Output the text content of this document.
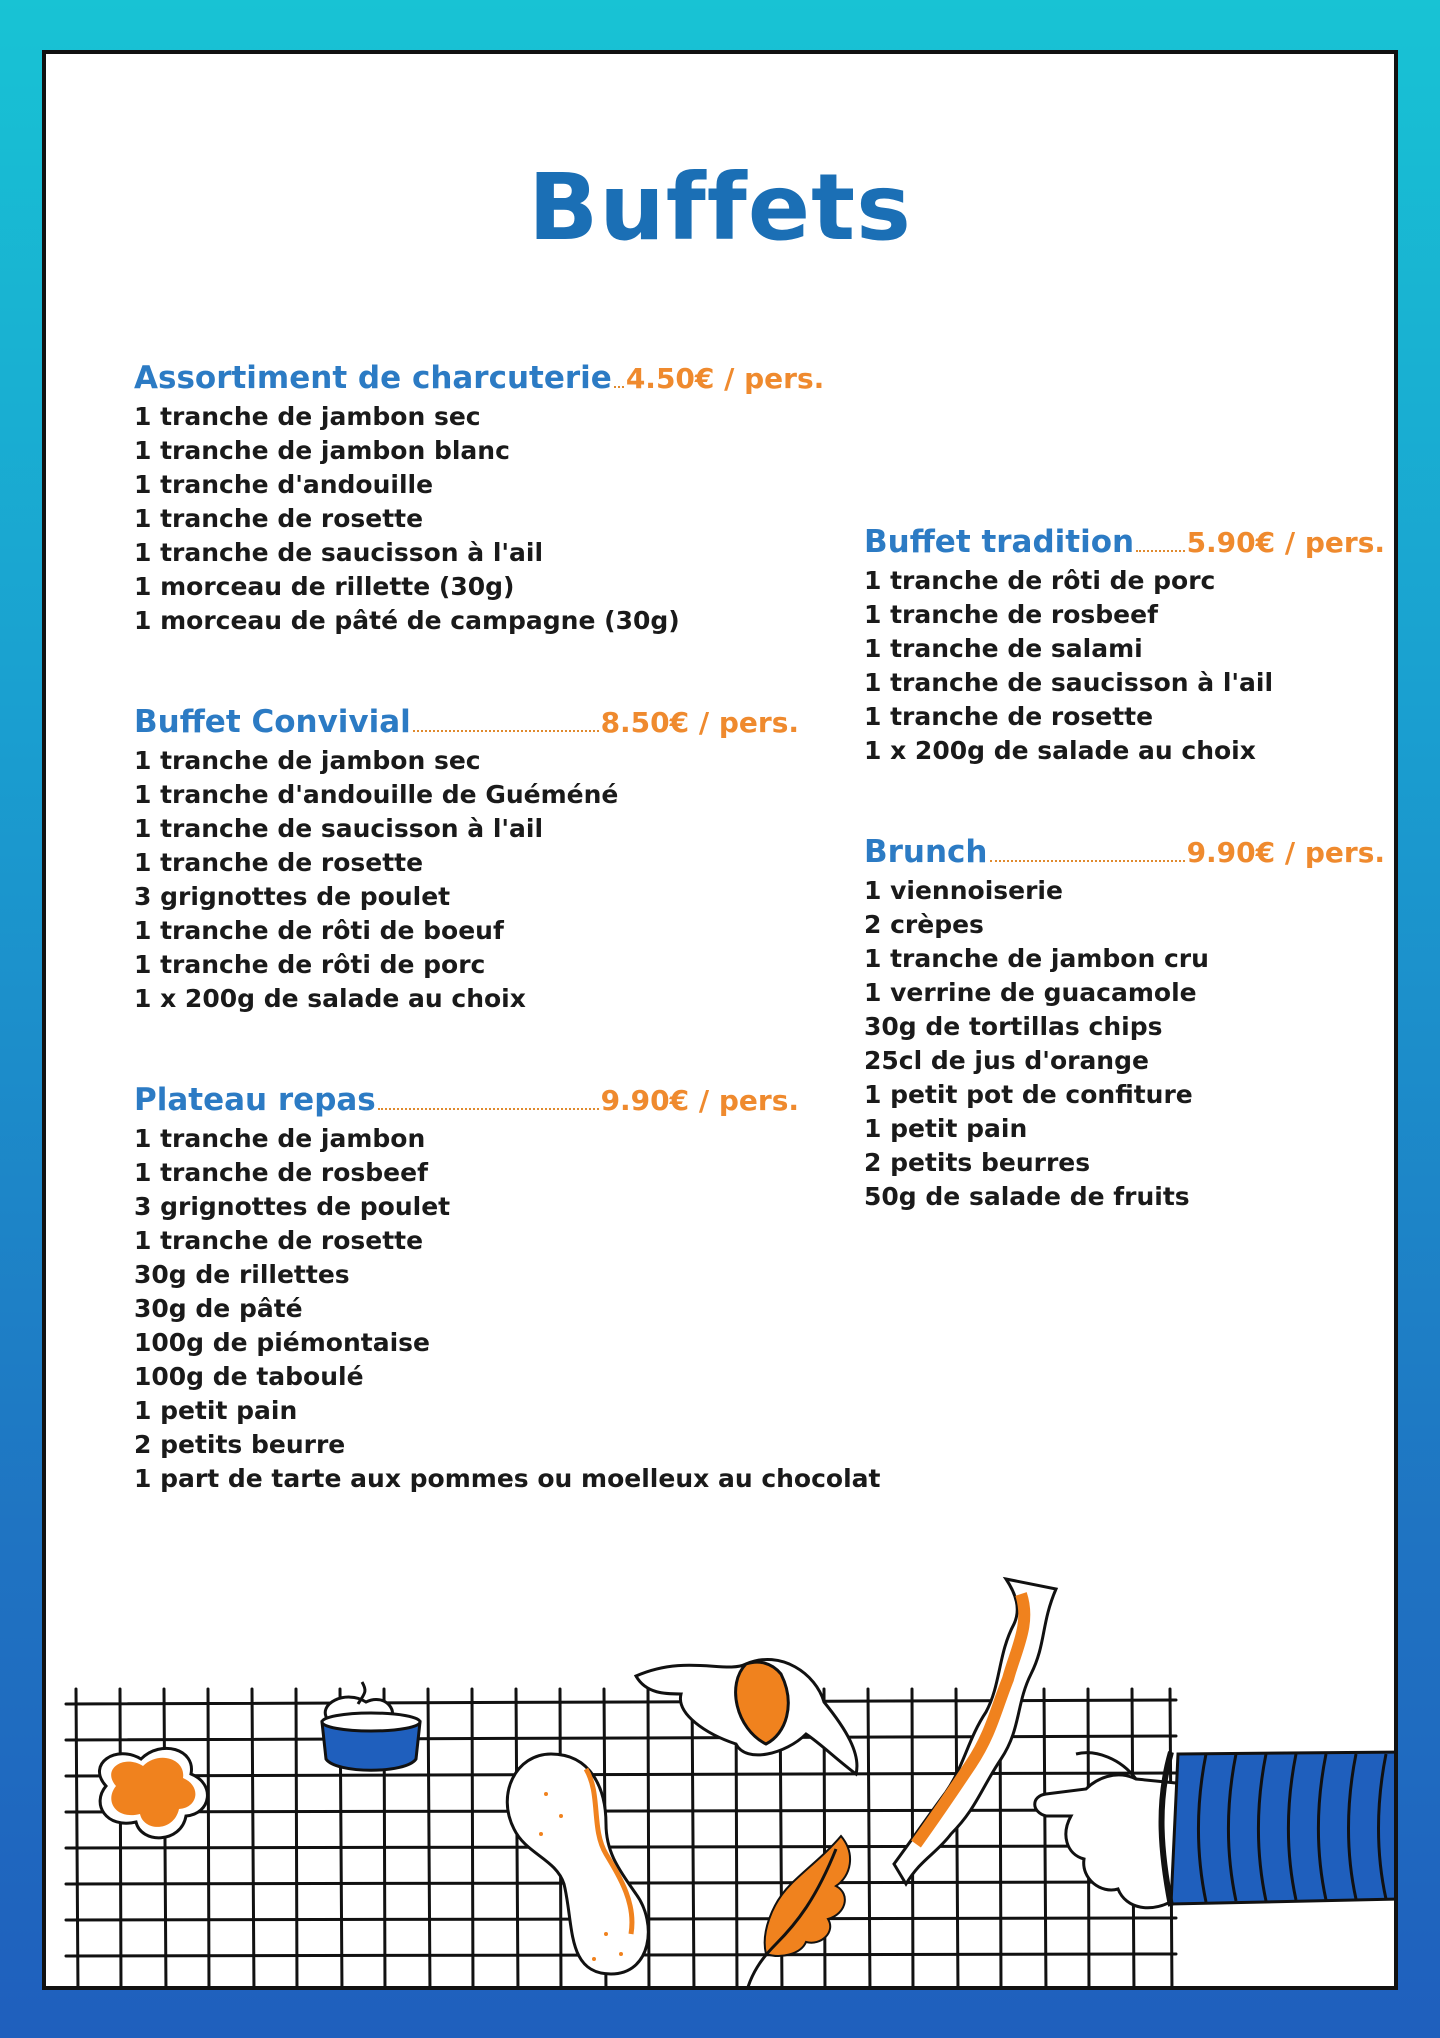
Buffets
Assortiment de charcuterie 4.50€ / pers.
1 tranche de jambon sec
1 tranche de jambon blanc
1 tranche d'andouille
1 tranche de rosette
1 tranche de saucisson à l'ail
1 morceau de rillette (30g)
1 morceau de pâté de campagne (30g)
Buffet Convivial	8.50€ / pers.
1 tranche de jambon sec
1 tranche d'andouille de Guéméné
1 tranche de saucisson à l'ail
1 tranche de rosette
3 grignottes de poulet
1 tranche de rôti de boeuf
1 tranche de rôti de porc
1 x 200g de salade au choix
Plateau repas	9.90€ / pers.
1 tranche de jambon
1 tranche de rosbeef
3 grignottes de poulet
1 tranche de rosette
30g de rillettes
30g de pâté
100g de piémontaise
100g de taboulé
1 petit pain
2 petits beurre
1 part de tarte aux pommes ou moelleux au chocolat
Buffet tradition 5.90€ / pers.
1 tranche de rôti de porc
1 tranche de rosbeef
1 tranche de salami
1 tranche de saucisson à l'ail
1 tranche de rosette
1 x 200g de salade au choix
Brunch	9.90€ / pers.
1 viennoiserie
2 crèpes
1 tranche de jambon cru
1 verrine de guacamole
30g de tortillas chips
25cl de jus d'orange
1 petit pot de confiture
1 petit pain
2 petits beurres
50g de salade de fruits
